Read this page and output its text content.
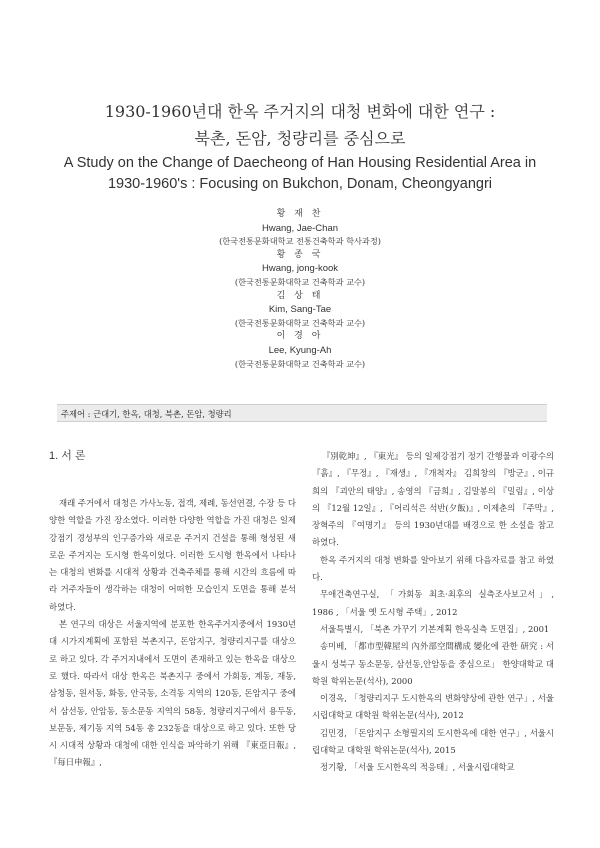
1930-1960년대 한옥 주거지의 대청 변화에 대한 연구 :
북촌, 돈암, 청량리를 중심으로
A Study on the Change of Daecheong of Han Housing Residential Area in
1930-1960's : Focusing on Bukchon, Donam, Cheongyangri
황 재 찬
Hwang, Jae-Chan
(한국전통문화대학교 전통건축학과 학사과정)
황 종 국
Hwang, jong-kook
(한국전통문화대학교 건축학과 교수)
김 상 태
Kim, Sang-Tae
(한국전통문화대학교 건축학과 교수)
이 경 아
Lee, Kyung-Ah
(한국전통문화대학교 건축학과 교수)
주제어 : 근대기, 한옥, 대청, 북촌, 돈암, 청량리
1. 서 론

재래 주거에서 대청은 가사노동, 접객, 제례, 동선연결, 수장 등 다양한 역할을 가진 장소였다. 이러한 다양한 역할을 가진 대청은 일제강점기 경성부의 인구증가와 새로운 주거지 건설을 통해 형성된 새로운 주거지는 도시형 한옥이었다. 이러한 도시형 한옥에서 나타나는 대청의 변화를 시대적 상황과 건축주체를 통해 시간의 흐름에 따라 거주자들이 생각하는 대청이 어떠한 모습인지 도면을 통해 분석하였다.

본 연구의 대상은 서울지역에 분포한 한옥주거지중에서 1930년대 시가지계획에 포함된 북촌지구, 돈암지구, 청량리지구를 대상으로 하고 있다. 각 주거지내에서 도면이 존재하고 있는 한옥을 대상으로 했다. 따라서 대상 한옥은 북촌지구 중에서 가회동, 계동, 재동, 삼청동, 원서동, 화동, 안국동, 소격동 지역의 120동, 돈암지구 중에서 삼선동, 안암동, 동소문동 지역의 58동, 청량리지구에서 용두동, 보문동, 제기동 지역 54동 총 232동을 대상으로 하고 있다. 또한 당시 시대적 상황과 대청에 대한 인식을 파악하기 위해 『東亞日報』, 『每日申報』,

『別乾坤』, 『東光』 등의 일제강점기 정기 간행물과 이광수의 『흙』, 『무정』, 『재생』, 『개척자』 김희창의 『방군』, 이규희의 『괴안의 태양』, 송영의 『금희』, 김말봉의 『밀림』, 이상의 『12월 12일』, 『어리석은 석반(夕飯)』, 이제춘의 『주막』, 장혁주의 『여명기』 등의 1930년대를 배경으로 한 소설을 참고 하였다.

한옥 주거지의 대청 변화를 알아보기 위해 다음자료를 참고 하였다.

무애건축연구실, 「가회동 최초·최후의 실측조사보고서」, 1986 , 「서울 옛 도시형 주택」, 2012

서울특별시, 「북촌 가꾸기 기본계획 한옥실측 도면집」, 2001

송미베, 「都市型韓屋의 內外部空間構成 變化에 관한 研究 : 서울시 성북구 동소문동, 삼선동,안암동을 중심으로」 한양대학교 대학원 학위논문(석사), 2000

이경옥, 「청량리지구 도시한옥의 변화양상에 관한 연구」, 서울시립대학교 대학원 학위논문(석사), 2012

김민경, 「돈암지구 소형필지의 도시한옥에 대한 연구」, 서울시립대학교 대학원 학위논문(석사), 2015

정기황, 「서울 도시한옥의 적응태」, 서울시립대학교
